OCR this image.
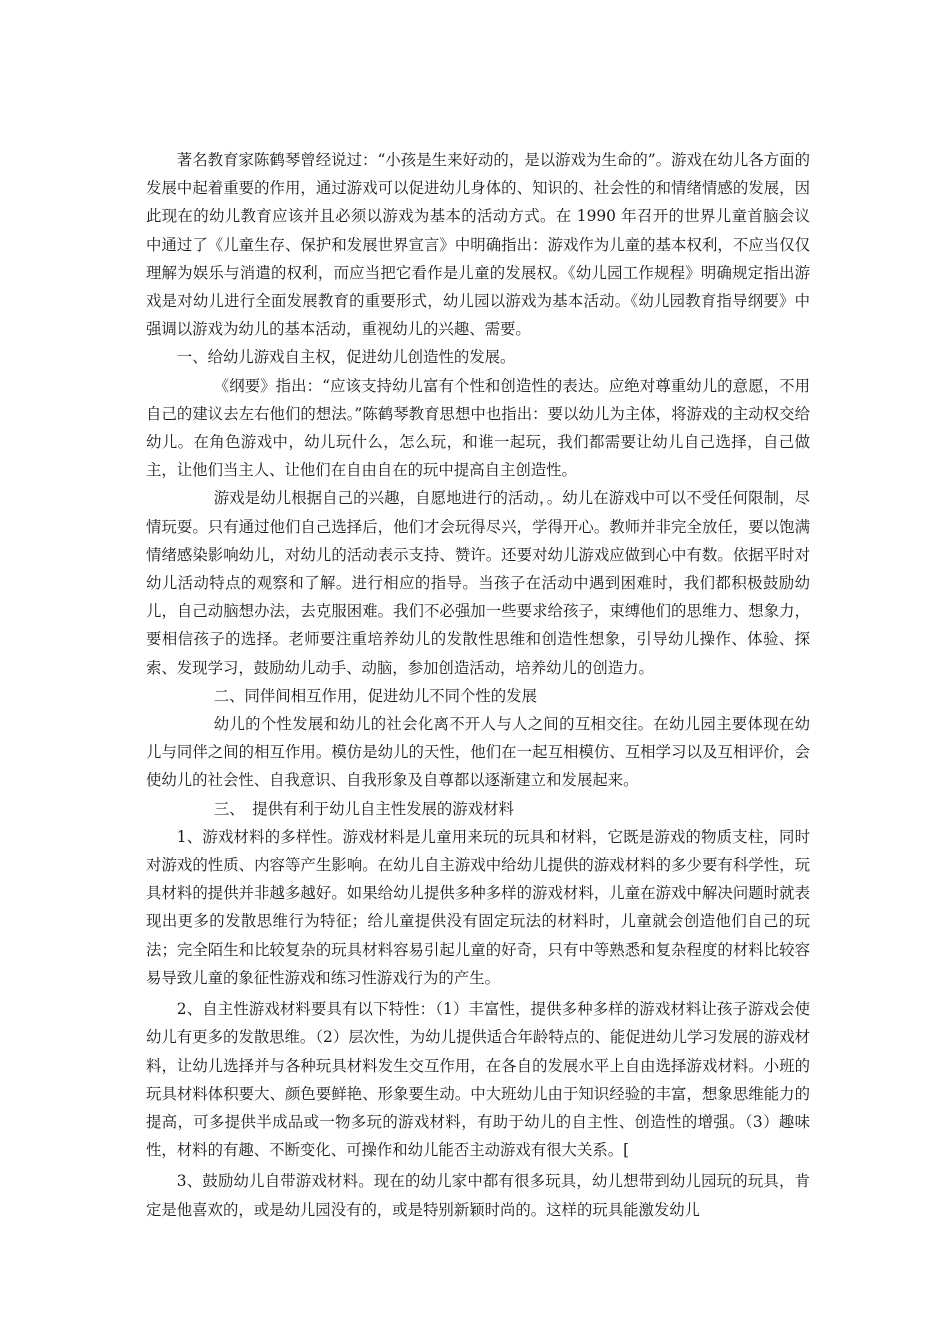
著名教育家陈鹤琴曾经说过：“小孩是生来好动的，是以游戏为生命的”。游戏在幼儿各方面的发展中起着重要的作用，通过游戏可以促进幼儿身体的、知识的、社会性的和情绪情感的发展，因此现在的幼儿教育应该并且必须以游戏为基本的活动方式。在 1990 年召开的世界儿童首脑会议中通过了《儿童生存、保护和发展世界宣言》中明确指出：游戏作为儿童的基本权利，不应当仅仅理解为娱乐与消遣的权利，而应当把它看作是儿童的发展权。《幼儿园工作规程》明确规定指出游戏是对幼儿进行全面发展教育的重要形式，幼儿园以游戏为基本活动。《幼儿园教育指导纲要》中强调以游戏为幼儿的基本活动，重视幼儿的兴趣、需要。

一、给幼儿游戏自主权，促进幼儿创造性的发展。

《纲要》指出：“应该支持幼儿富有个性和创造性的表达。应绝对尊重幼儿的意愿，不用自己的建议去左右他们的想法。”陈鹤琴教育思想中也指出：要以幼儿为主体，将游戏的主动权交给幼儿。在角色游戏中，幼儿玩什么，怎么玩，和谁一起玩，我们都需要让幼儿自己选择，自己做主，让他们当主人、让他们在自由自在的玩中提高自主创造性。

游戏是幼儿根据自己的兴趣，自愿地进行的活动，。幼儿在游戏中可以不受任何限制，尽情玩耍。只有通过他们自己选择后，他们才会玩得尽兴，学得开心。教师并非完全放任，要以饱满情绪感染影响幼儿，对幼儿的活动表示支持、赞许。还要对幼儿游戏应做到心中有数。依据平时对幼儿活动特点的观察和了解。进行相应的指导。当孩子在活动中遇到困难时，我们都积极鼓励幼儿，自己动脑想办法，去克服困难。我们不必强加一些要求给孩子，束缚他们的思维力、想象力，要相信孩子的选择。老师要注重培养幼儿的发散性思维和创造性想象，引导幼儿操作、体验、探索、发现学习，鼓励幼儿动手、动脑，参加创造活动，培养幼儿的创造力。

二、同伴间相互作用，促进幼儿不同个性的发展

幼儿的个性发展和幼儿的社会化离不开人与人之间的互相交往。在幼儿园主要体现在幼儿与同伴之间的相互作用。模仿是幼儿的天性，他们在一起互相模仿、互相学习以及互相评价，会使幼儿的社会性、自我意识、自我形象及自尊都以逐渐建立和发展起来。

三、　提供有利于幼儿自主性发展的游戏材料

1、游戏材料的多样性。游戏材料是儿童用来玩的玩具和材料，它既是游戏的物质支柱，同时对游戏的性质、内容等产生影响。在幼儿自主游戏中给幼儿提供的游戏材料的多少要有科学性，玩具材料的提供并非越多越好。如果给幼儿提供多种多样的游戏材料，儿童在游戏中解决问题时就表现出更多的发散思维行为特征；给儿童提供没有固定玩法的材料时，儿童就会创造他们自己的玩法；完全陌生和比较复杂的玩具材料容易引起儿童的好奇，只有中等熟悉和复杂程度的材料比较容易导致儿童的象征性游戏和练习性游戏行为的产生。

2、自主性游戏材料要具有以下特性：（1）丰富性，提供多种多样的游戏材料让孩子游戏会使幼儿有更多的发散思维。（2）层次性，为幼儿提供适合年龄特点的、能促进幼儿学习发展的游戏材料，让幼儿选择并与各种玩具材料发生交互作用，在各自的发展水平上自由选择游戏材料。小班的玩具材料体积要大、颜色要鲜艳、形象要生动。中大班幼儿由于知识经验的丰富，想象思维能力的提高，可多提供半成品或一物多玩的游戏材料，有助于幼儿的自主性、创造性的增强。（3）趣味性，材料的有趣、不断变化、可操作和幼儿能否主动游戏有很大关系。[

3、鼓励幼儿自带游戏材料。现在的幼儿家中都有很多玩具，幼儿想带到幼儿园玩的玩具，肯定是他喜欢的，或是幼儿园没有的，或是特别新颖时尚的。这样的玩具能激发幼儿
